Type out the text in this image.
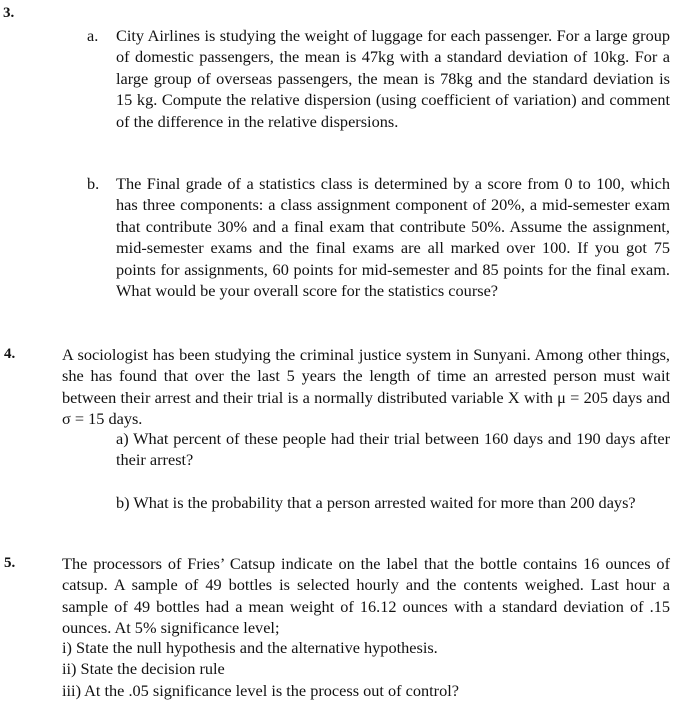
3.
a. City Airlines is studying the weight of luggage for each passenger. For a large group of domestic passengers, the mean is 47kg with a standard deviation of 10kg. For a large group of overseas passengers, the mean is 78kg and the standard deviation is 15 kg. Compute the relative dispersion (using coefficient of variation) and comment of the difference in the relative dispersions.
b. The Final grade of a statistics class is determined by a score from 0 to 100, which has three components: a class assignment component of 20%, a mid-semester exam that contribute 30% and a final exam that contribute 50%. Assume the assignment, mid-semester exams and the final exams are all marked over 100. If you got 75 points for assignments, 60 points for mid-semester and 85 points for the final exam. What would be your overall score for the statistics course?
4.	A sociologist has been studying the criminal justice system in Sunyani. Among other things, she has found that over the last 5 years the length of time an arrested person must wait between their arrest and their trial is a normally distributed variable X with μ = 205 days and σ = 15 days.
a) What percent of these people had their trial between 160 days and 190 days after their arrest?
b) What is the probability that a person arrested waited for more than 200 days?
5.	The processors of Fries’ Catsup indicate on the label that the bottle contains 16 ounces of catsup. A sample of 49 bottles is selected hourly and the contents weighed. Last hour a sample of 49 bottles had a mean weight of 16.12 ounces with a standard deviation of .15 ounces. At 5% significance level;
i) State the null hypothesis and the alternative hypothesis.
ii) State the decision rule
iii) At the .05 significance level is the process out of control?
